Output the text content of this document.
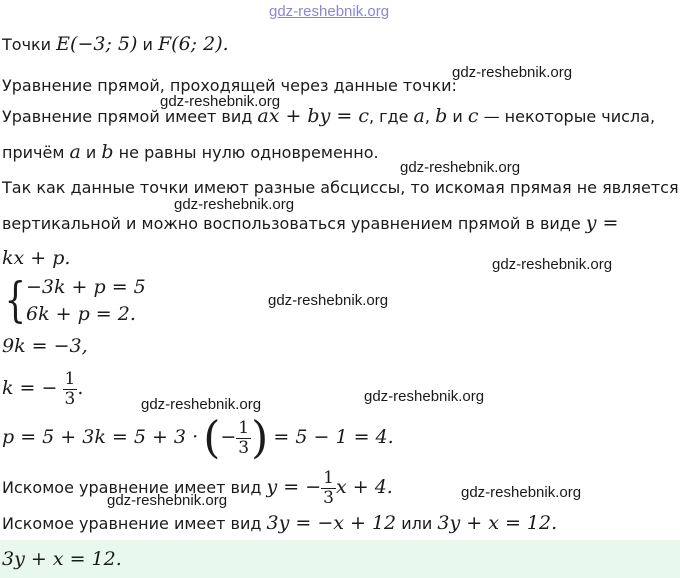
gdz-reshebnik.org
Точки E(−3; 5) и F(6; 2).
Уравнение прямой, проходящей через данные точки:
Уравнение прямой имеет вид ax + by = c, где a, b и c — некоторые числа,
причём a и b не равны нулю одновременно.
Так как данные точки имеют разные абсциссы, то искомая прямая не является
вертикальной и можно воспользоваться уравнением прямой в виде y =
kx + p.
{ −3k + p = 5
6k + p = 2.
9k = −3,
k = − $\frac{1}{3}$ .
p = 5 + 3k = 5 + 3 · (− $\frac{1}{3}$ ) = 5 − 1 = 4.
Искомое уравнение имеет вид y = − $\frac{1}{3}$ x + 4.
Искомое уравнение имеет вид 3y = −x + 12 или 3y + x = 12.
3y + x = 12.
gdz-reshebnik.org
gdz-reshebnik.org
gdz-reshebnik.org
gdz-reshebnik.org
gdz-reshebnik.org
gdz-reshebnik.org
gdz-reshebnik.org
gdz-reshebnik.org
gdz-reshebnik.org
gdz-reshebnik.org
